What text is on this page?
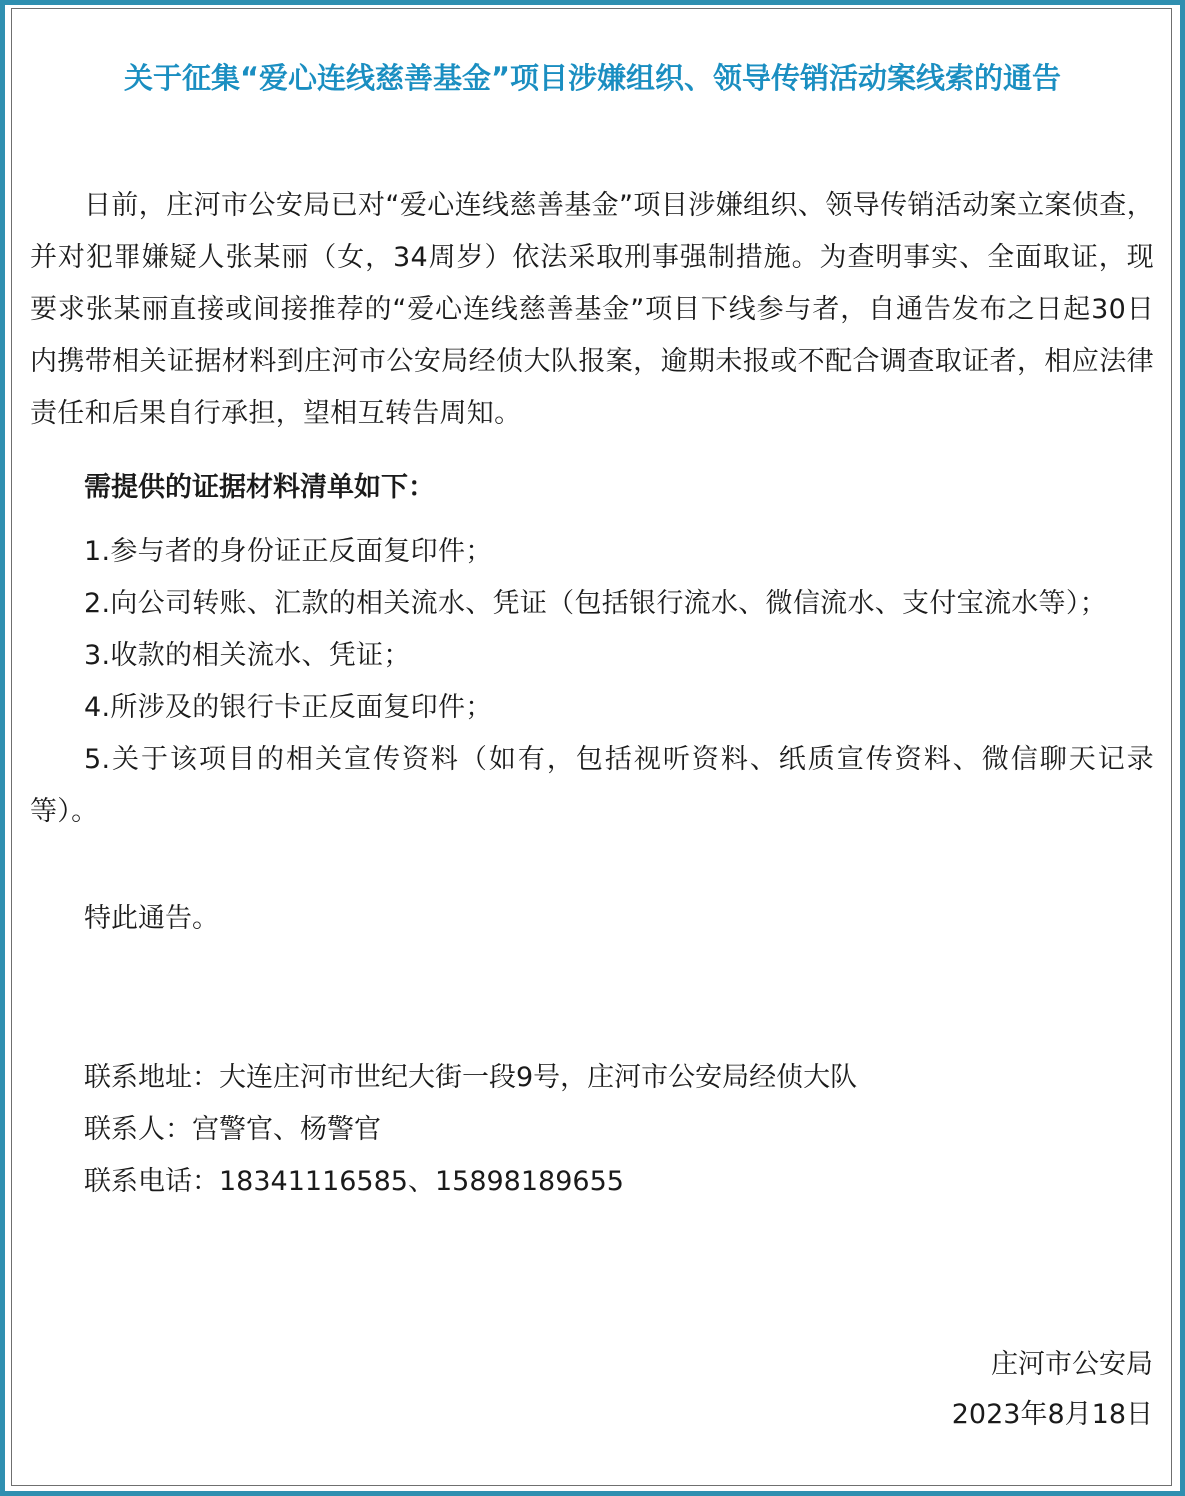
关于征集“爱心连线慈善基金”项目涉嫌组织、领导传销活动案线索的通告
日前，庄河市公安局已对“爱心连线慈善基金”项目涉嫌组织、领导传销活动案立案侦查，并对犯罪嫌疑人张某丽（女，34周岁）依法采取刑事强制措施。为查明事实、全面取证，现要求张某丽直接或间接推荐的“爱心连线慈善基金”项目下线参与者，自通告发布之日起30日内携带相关证据材料到庄河市公安局经侦大队报案，逾期未报或不配合调查取证者，相应法律责任和后果自行承担，望相互转告周知。
需提供的证据材料清单如下：
1.参与者的身份证正反面复印件；
2.向公司转账、汇款的相关流水、凭证（包括银行流水、微信流水、支付宝流水等）；
3.收款的相关流水、凭证；
4.所涉及的银行卡正反面复印件；
5.关于该项目的相关宣传资料（如有，包括视听资料、纸质宣传资料、微信聊天记录等）。
特此通告。
联系地址：大连庄河市世纪大街一段9号，庄河市公安局经侦大队
联系人：宫警官、杨警官
联系电话：18341116585、15898189655
庄河市公安局
2023年8月18日
